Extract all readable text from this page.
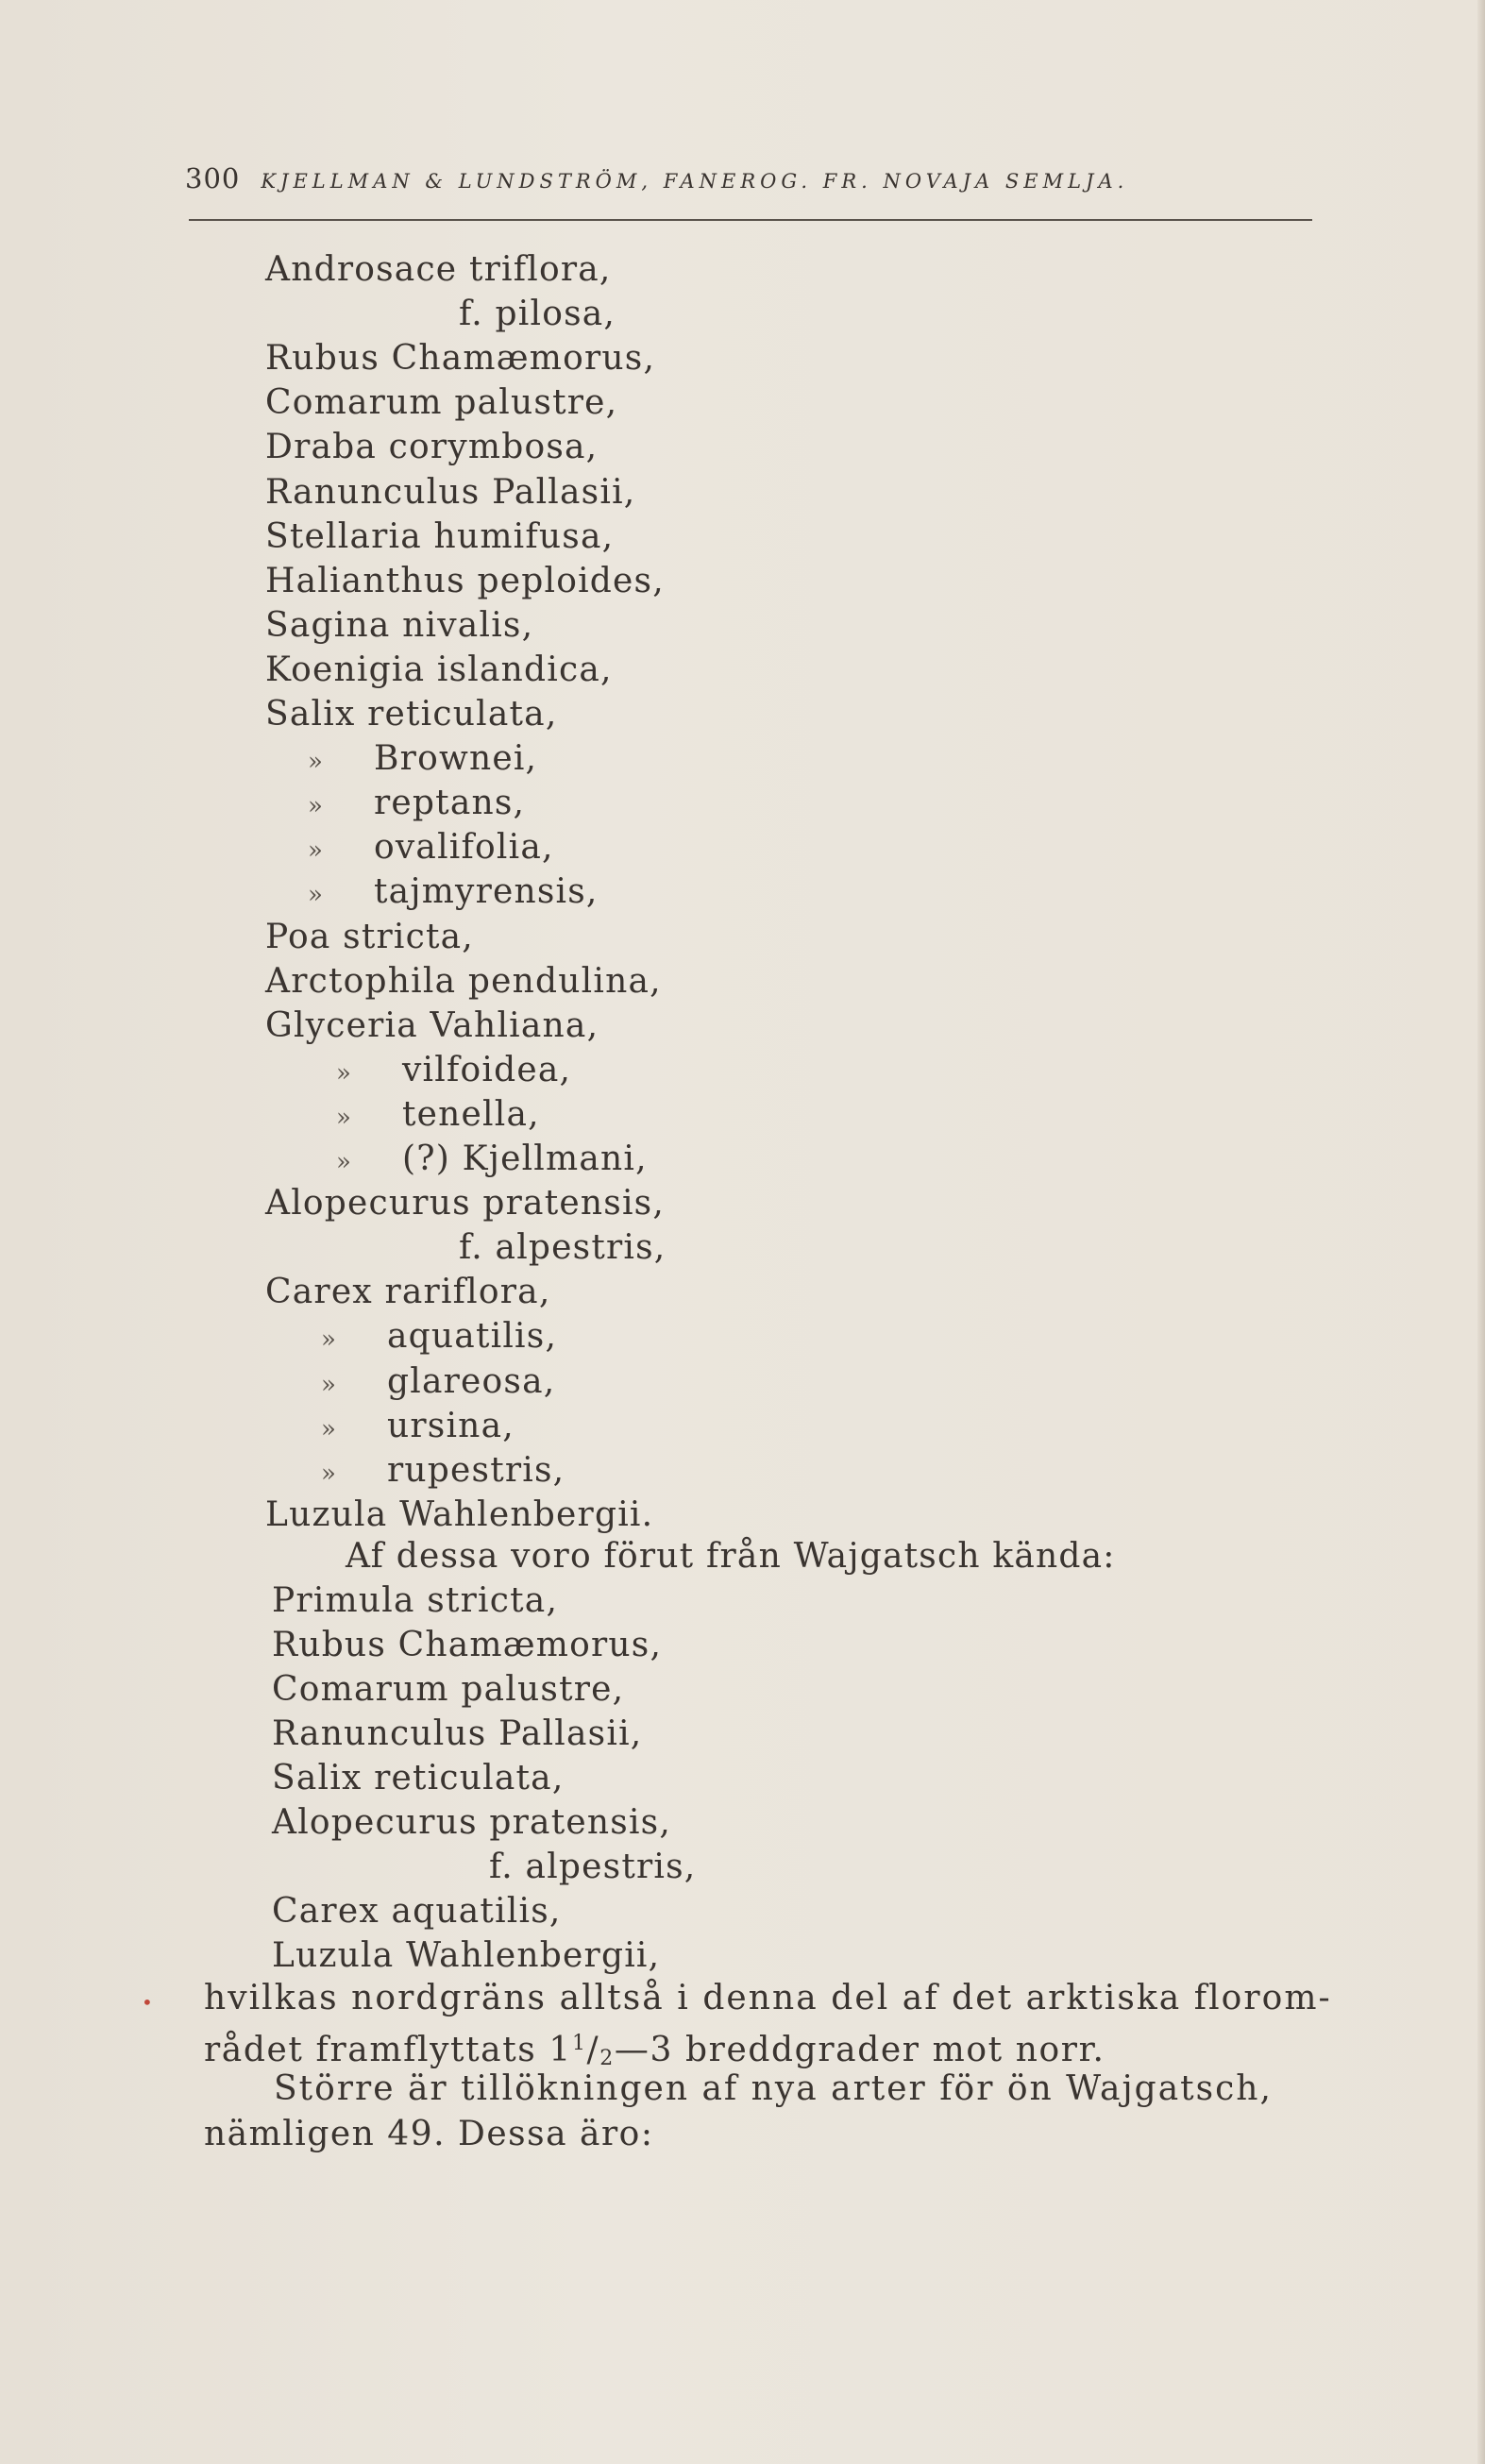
300 KJELLMAN & LUNDSTRÖM, FANEROG. FR. NOVAJA SEMLJA.
Androsace triflora,
f. pilosa,
Rubus Chamæmorus,
Comarum palustre,
Draba corymbosa,
Ranunculus Pallasii,
Stellaria humifusa,
Halianthus peploides,
Sagina nivalis,
Koenigia islandica,
Salix reticulata,
» Brownei,
» reptans,
» ovalifolia,
» tajmyrensis,
Poa stricta,
Arctophila pendulina,
Glyceria Vahliana,
» vilfoidea,
» tenella,
» (?) Kjellmani,
Alopecurus pratensis,
f. alpestris,
Carex rariflora,
» aquatilis,
» glareosa,
» ursina,
» rupestris,
Luzula Wahlenbergii.
Af dessa voro förut från Wajgatsch kända:
Primula stricta,
Rubus Chamæmorus,
Comarum palustre,
Ranunculus Pallasii,
Salix reticulata,
Alopecurus pratensis,
f. alpestris,
Carex aquatilis,
Luzula Wahlenbergii,
• hvilkas nordgräns alltså i denna del af det arktiska florom-
rådet framflyttats $1^1/2—3$ breddgrader mot norr.
Större är tillökningen af nya arter för ön Wajgatsch,
nämligen 49. Dessa äro:
